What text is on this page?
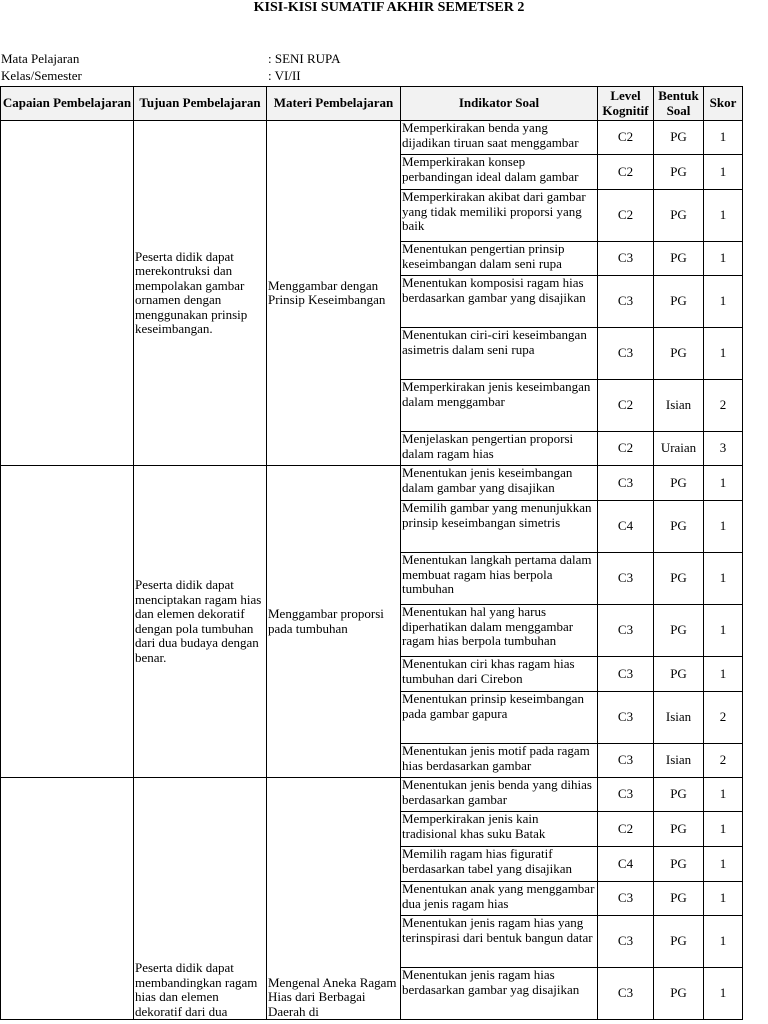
KISI-KISI SUMATIF AKHIR SEMETSER 2
Mata Pelajaran	: SENI RUPA
Kelas/Semester	: VI/II
Capaian Pembelajaran	Tujuan Pembelajaran	Materi Pembelajaran	Indikator Soal	Level Kognitif	Bentuk Soal	Skor
	Peserta didik dapat merekontruksi dan mempolakan gambar ornamen dengan menggunakan prinsip keseimbangan.	Menggambar dengan Prinsip Keseimbangan	Memperkirakan benda yang dijadikan tiruan saat menggambar	C2	PG	1
			Memperkirakan konsep perbandingan ideal dalam gambar	C2	PG	1
			Memperkirakan akibat dari gambar yang tidak memiliki proporsi yang baik	C2	PG	1
			Menentukan pengertian prinsip keseimbangan dalam seni rupa	C3	PG	1
			Menentukan komposisi ragam hias berdasarkan gambar yang disajikan	C3	PG	1
			Menentukan ciri-ciri keseimbangan asimetris dalam seni rupa	C3	PG	1
			Memperkirakan jenis keseimbangan dalam menggambar	C2	Isian	2
			Menjelaskan pengertian proporsi dalam ragam hias	C2	Uraian	3
	Peserta didik dapat menciptakan ragam hias dan elemen dekoratif dengan pola tumbuhan dari dua budaya dengan benar.	Menggambar proporsi pada tumbuhan	Menentukan jenis keseimbangan dalam gambar yang disajikan	C3	PG	1
			Memilih gambar yang menunjukkan prinsip keseimbangan simetris	C4	PG	1
			Menentukan langkah pertama dalam membuat ragam hias berpola tumbuhan	C3	PG	1
			Menentukan hal yang harus diperhatikan dalam menggambar ragam hias berpola tumbuhan	C3	PG	1
			Menentukan ciri khas ragam hias tumbuhan dari Cirebon	C3	PG	1
			Menentukan prinsip keseimbangan pada gambar gapura	C3	Isian	2
			Menentukan jenis motif pada ragam hias berdasarkan gambar	C3	Isian	2
	Peserta didik dapat membandingkan ragam hias dan elemen dekoratif dari dua	Mengenal Aneka Ragam Hias dari Berbagai Daerah di	Menentukan jenis benda yang dihias berdasarkan gambar	C3	PG	1
			Memperkirakan jenis kain tradisional khas suku Batak	C2	PG	1
			Memilih ragam hias figuratif berdasarkan tabel yang disajikan	C4	PG	1
			Menentukan anak yang menggambar dua jenis ragam hias	C3	PG	1
			Menentukan jenis ragam hias yang terinspirasi dari bentuk bangun datar	C3	PG	1
			Menentukan jenis ragam hias berdasarkan gambar yag disajikan	C3	PG	1
